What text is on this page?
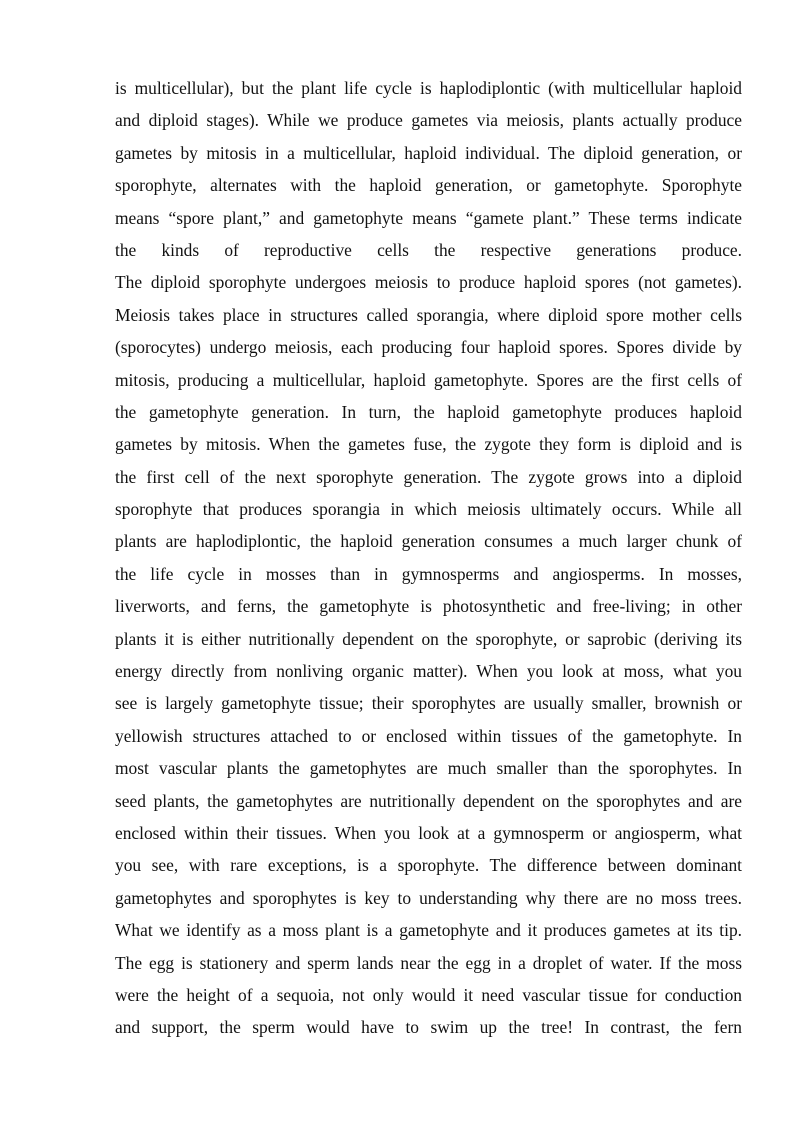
is multicellular), but the plant life cycle is haplodiplontic (with multicellular haploid
and diploid stages). While we produce gametes via meiosis, plants actually produce
gametes by mitosis in a multicellular, haploid individual. The diploid generation, or
sporophyte, alternates with the haploid generation, or gametophyte. Sporophyte
means “spore plant,” and gametophyte means “gamete plant.” These terms indicate
the kinds of reproductive cells the respective generations produce.
The diploid sporophyte undergoes meiosis to produce haploid spores (not gametes).
Meiosis takes place in structures called sporangia, where diploid spore mother cells
(sporocytes) undergo meiosis, each producing four haploid spores. Spores divide by
mitosis, producing a multicellular, haploid gametophyte. Spores are the first cells of
the gametophyte generation. In turn, the haploid gametophyte produces haploid
gametes by mitosis. When the gametes fuse, the zygote they form is diploid and is
the first cell of the next sporophyte generation. The zygote grows into a diploid
sporophyte that produces sporangia in which meiosis ultimately occurs. While all
plants are haplodiplontic, the haploid generation consumes a much larger chunk of
the life cycle in mosses than in gymnosperms and angiosperms. In mosses,
liverworts, and ferns, the gametophyte is photosynthetic and free-living; in other
plants it is either nutritionally dependent on the sporophyte, or saprobic (deriving its
energy directly from nonliving organic matter). When you look at moss, what you
see is largely gametophyte tissue; their sporophytes are usually smaller, brownish or
yellowish structures attached to or enclosed within tissues of the gametophyte. In
most vascular plants the gametophytes are much smaller than the sporophytes. In
seed plants, the gametophytes are nutritionally dependent on the sporophytes and are
enclosed within their tissues. When you look at a gymnosperm or angiosperm, what
you see, with rare exceptions, is a sporophyte. The difference between dominant
gametophytes and sporophytes is key to understanding why there are no moss trees.
What we identify as a moss plant is a gametophyte and it produces gametes at its tip.
The egg is stationery and sperm lands near the egg in a droplet of water. If the moss
were the height of a sequoia, not only would it need vascular tissue for conduction
and support, the sperm would have to swim up the tree! In contrast, the fern
